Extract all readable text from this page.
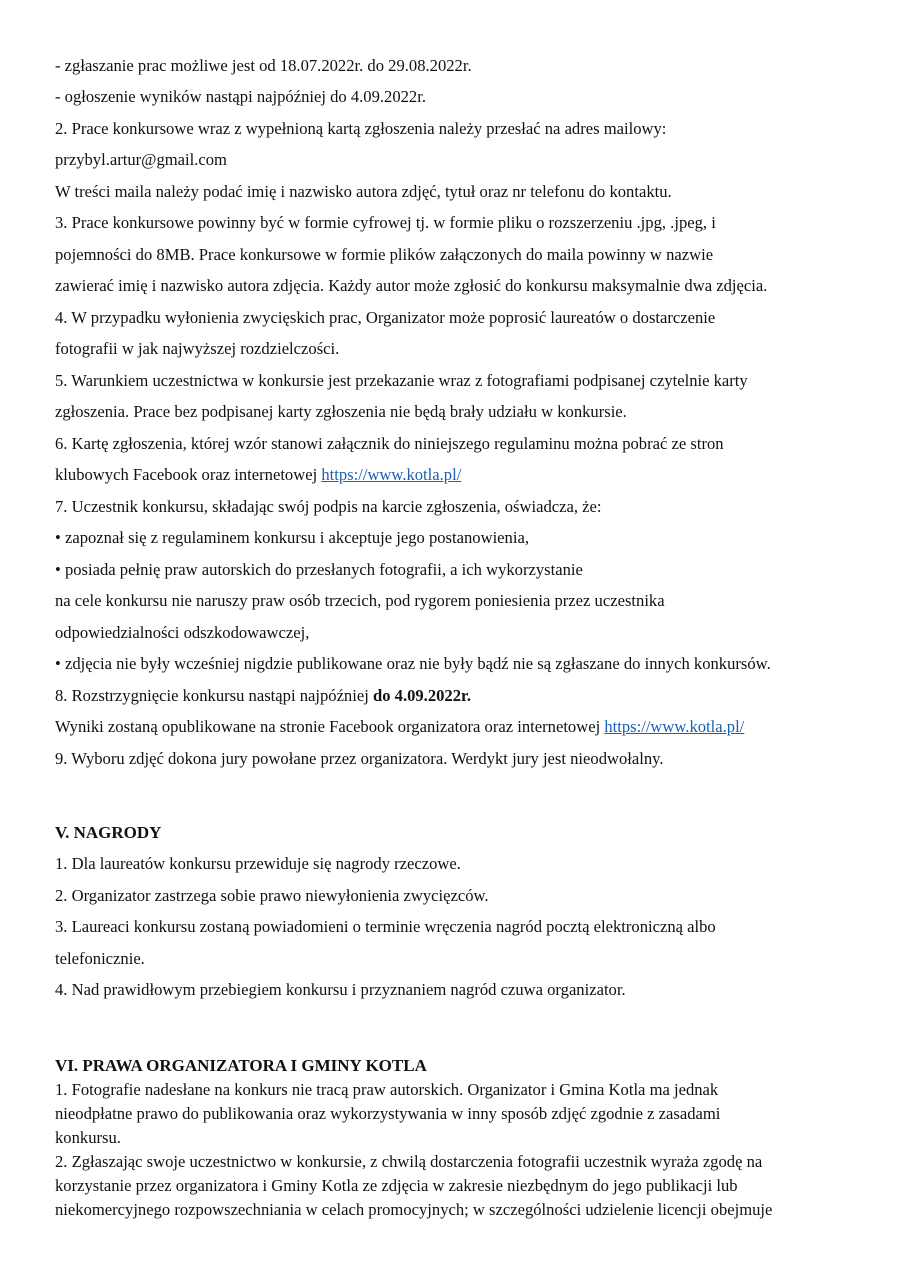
- zgłaszanie prac możliwe jest od 18.07.2022r. do 29.08.2022r.
- ogłoszenie wyników nastąpi najpóźniej do 4.09.2022r.
2. Prace konkursowe wraz z wypełnioną kartą zgłoszenia należy przesłać na adres mailowy:
przybyl.artur@gmail.com
W treści maila należy podać imię i nazwisko autora zdjęć, tytuł oraz nr telefonu do kontaktu.
3. Prace konkursowe powinny być w formie cyfrowej tj. w formie pliku o rozszerzeniu .jpg, .jpeg, i
pojemności do 8MB. Prace konkursowe w formie plików załączonych do maila powinny w nazwie
zawierać imię i nazwisko autora zdjęcia. Każdy autor może zgłosić do konkursu maksymalnie dwa zdjęcia.
4. W przypadku wyłonienia zwycięskich prac, Organizator może poprosić laureatów o dostarczenie
fotografii w jak najwyższej rozdzielczości.
5. Warunkiem uczestnictwa w konkursie jest przekazanie wraz z fotografiami podpisanej czytelnie karty
zgłoszenia. Prace bez podpisanej karty zgłoszenia nie będą brały udziału w konkursie.
6. Kartę zgłoszenia, której wzór stanowi załącznik do niniejszego regulaminu można pobrać ze stron
klubowych Facebook oraz internetowej https://www.kotla.pl/
7. Uczestnik konkursu, składając swój podpis na karcie zgłoszenia, oświadcza, że:
• zapoznał się z regulaminem konkursu i akceptuje jego postanowienia,
• posiada pełnię praw autorskich do przesłanych fotografii, a ich wykorzystanie
na cele konkursu nie naruszy praw osób trzecich, pod rygorem poniesienia przez uczestnika
odpowiedzialności odszkodowawczej,
• zdjęcia nie były wcześniej nigdzie publikowane oraz nie były bądź nie są zgłaszane do innych konkursów.
8. Rozstrzygnięcie konkursu nastąpi najpóźniej do 4.09.2022r.
Wyniki zostaną opublikowane na stronie Facebook organizatora oraz internetowej https://www.kotla.pl/
9. Wyboru zdjęć dokona jury powołane przez organizatora. Werdykt jury jest nieodwołalny.
V. NAGRODY
1. Dla laureatów konkursu przewiduje się nagrody rzeczowe.
2. Organizator zastrzega sobie prawo niewyłonienia zwycięzców.
3. Laureaci konkursu zostaną powiadomieni o terminie wręczenia nagród pocztą elektroniczną albo
telefonicznie.
4. Nad prawidłowym przebiegiem konkursu i przyznaniem nagród czuwa organizator.
VI. PRAWA ORGANIZATORA I GMINY KOTLA
1. Fotografie nadesłane na konkurs nie tracą praw autorskich. Organizator i Gmina Kotla ma jednak
nieodpłatne prawo do publikowania oraz wykorzystywania w inny sposób zdjęć zgodnie z zasadami
konkursu.
2. Zgłaszając swoje uczestnictwo w konkursie, z chwilą dostarczenia fotografii uczestnik wyraża zgodę na
korzystanie przez organizatora i Gminy Kotla ze zdjęcia w zakresie niezbędnym do jego publikacji lub
niekomercyjnego rozpowszechniania w celach promocyjnych; w szczególności udzielenie licencji obejmuje
